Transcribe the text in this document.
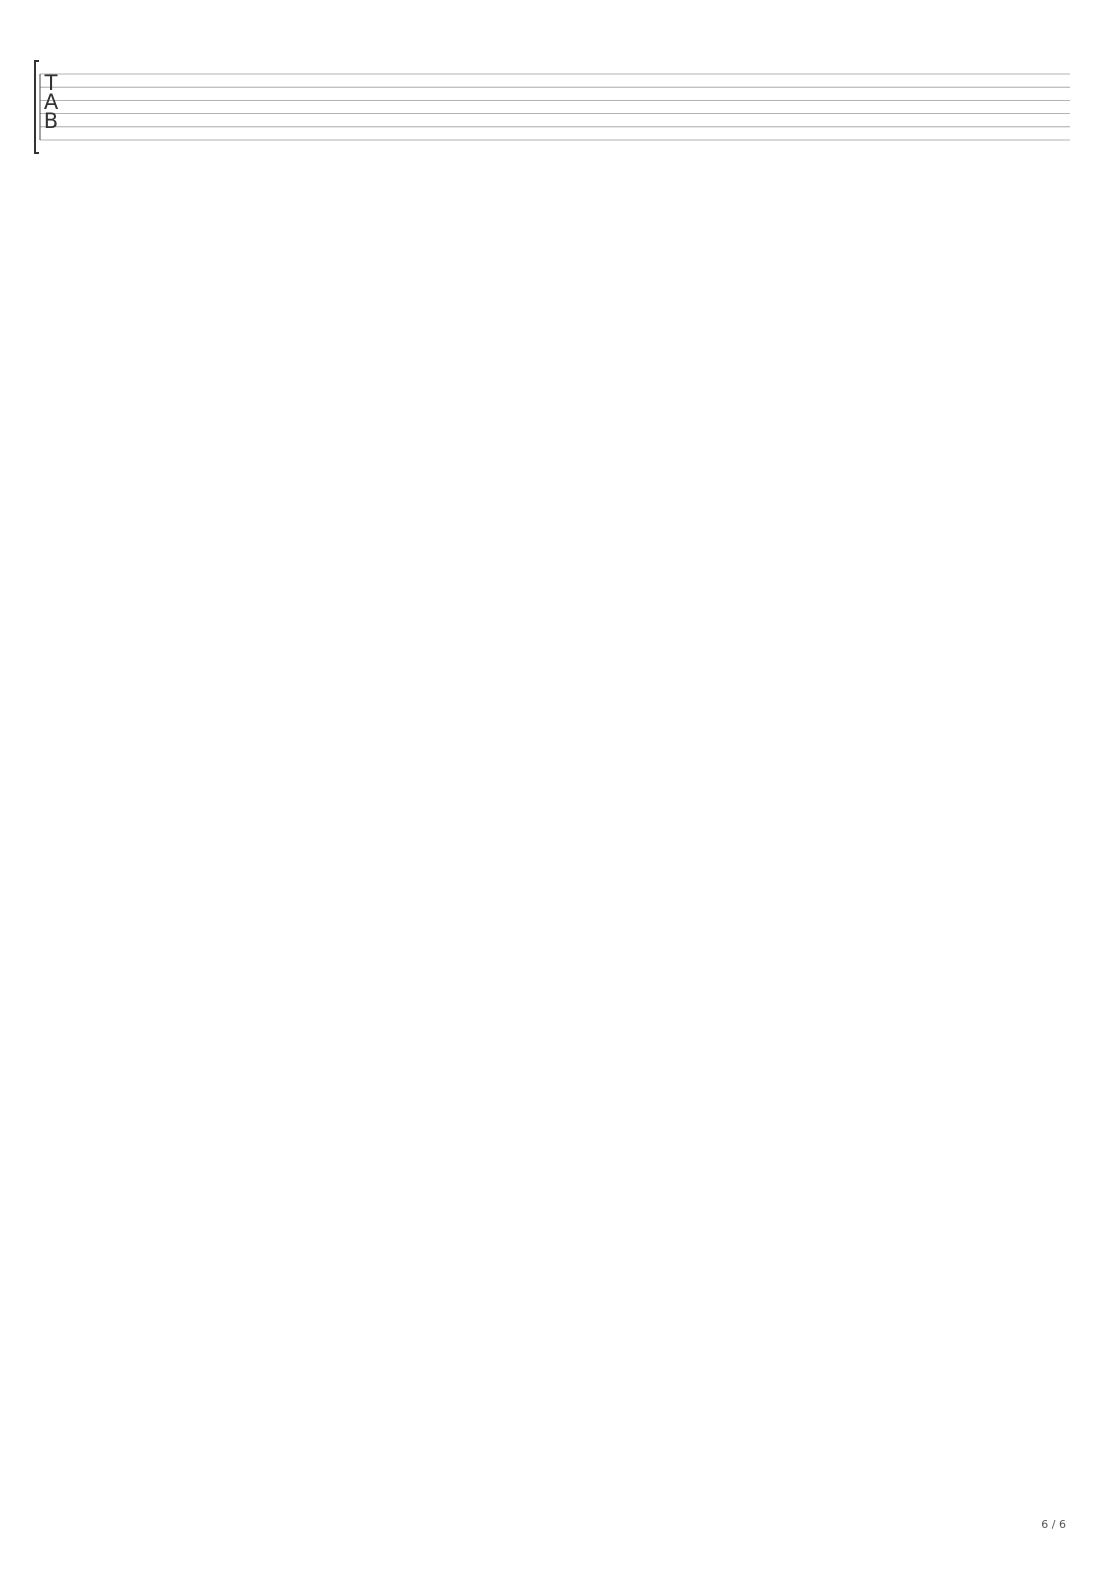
T
A
B
6 / 6
